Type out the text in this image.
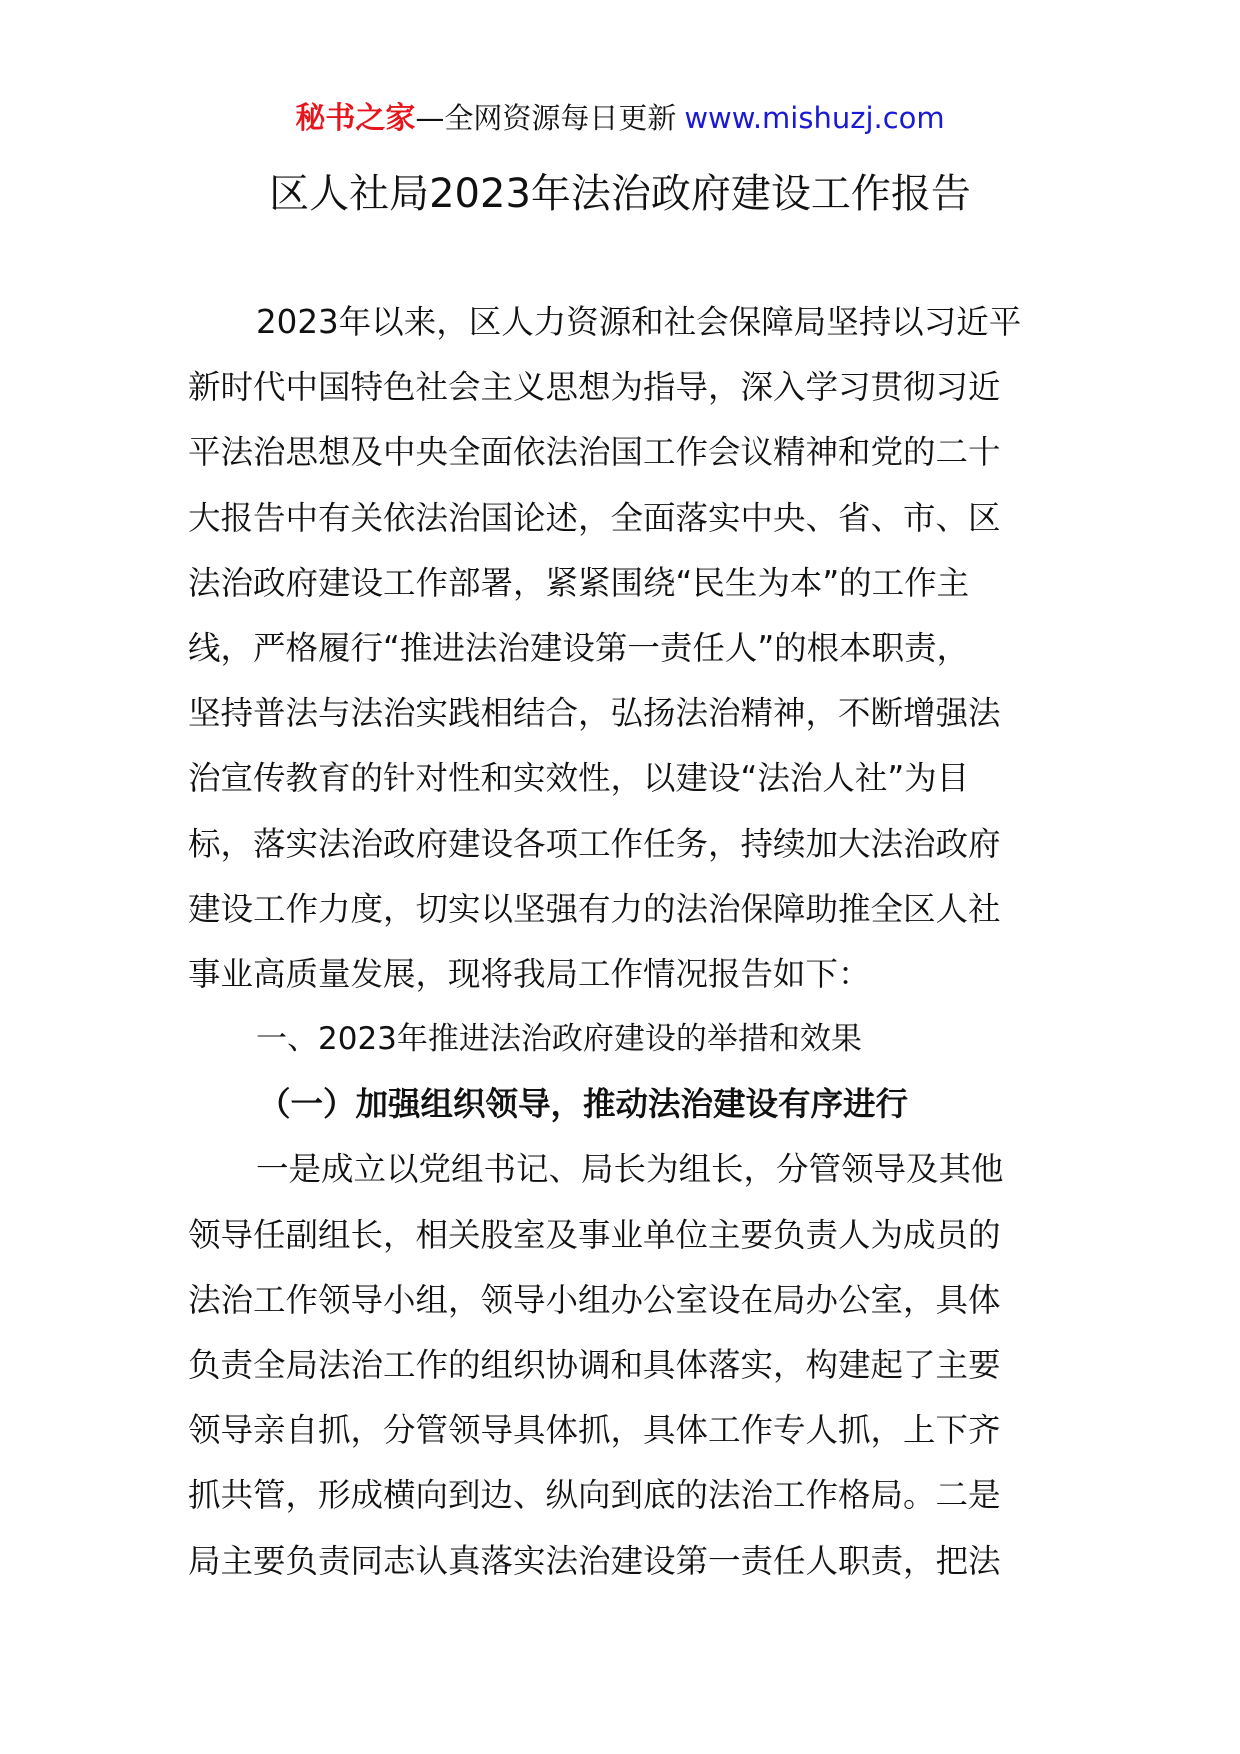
秘书之家—全网资源每日更新 www.mishuzj.com
区人社局2023年法治政府建设工作报告
2023年以来，区人力资源和社会保障局坚持以习近平
新时代中国特色社会主义思想为指导，深入学习贯彻习近
平法治思想及中央全面依法治国工作会议精神和党的二十
大报告中有关依法治国论述，全面落实中央、省、市、区
法治政府建设工作部署，紧紧围绕“民生为本”的工作主
线，严格履行“推进法治建设第一责任人”的根本职责，
坚持普法与法治实践相结合，弘扬法治精神，不断增强法
治宣传教育的针对性和实效性，以建设“法治人社”为目
标，落实法治政府建设各项工作任务，持续加大法治政府
建设工作力度，切实以坚强有力的法治保障助推全区人社
事业高质量发展，现将我局工作情况报告如下：
一、2023年推进法治政府建设的举措和效果
（一）加强组织领导，推动法治建设有序进行
一是成立以党组书记、局长为组长，分管领导及其他
领导任副组长，相关股室及事业单位主要负责人为成员的
法治工作领导小组，领导小组办公室设在局办公室，具体
负责全局法治工作的组织协调和具体落实，构建起了主要
领导亲自抓，分管领导具体抓，具体工作专人抓，上下齐
抓共管，形成横向到边、纵向到底的法治工作格局。二是
局主要负责同志认真落实法治建设第一责任人职责，把法
